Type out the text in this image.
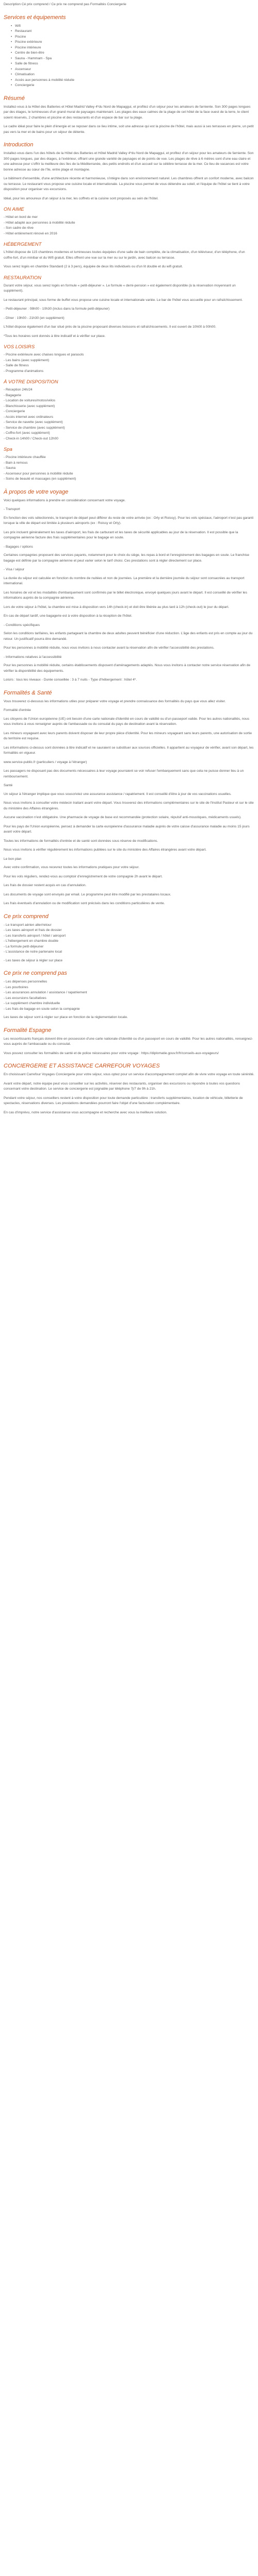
Description Cé prix comprend / Ce prix ne comprend pas Formalités Conciergerie

Services et équipements
• Wifi
• Restaurant
• Piscine
• Piscine extérieure
• Piscine intérieure
• Centre de bien-être
• Sauna - Hammam - Spa
• Salle de fitness
• Ascenseur
• Climatisation
• Accès aux personnes à mobilité réduite
• Conciergerie
Résumé

Installez-vous à la Hôtel des Batteries et Hôtel Madrid Valley 4*du Nord de Mapaggui, et profitez d'un séjour pour les amateurs de farniente. Son 300 pages longues par des étages, le lumineuses d'un grand mural de paysages maintenant. Les plages des eaux calmes de la plage de cet hôtel de la face ouest de la terre, le client soient réservés, 2 chambres et piscine et des restaurants et d'un espace de bar sur la plage.

Le cadre idéal pour faire le plein d'énergie et se reposer dans ce lieu intime, soit une adresse qui est la piscine de l'hôtel, mais aussi à ses terrasses en pierre, un petit pas vers la mer et de bains pour un séjour de détente.

Introduction

Installez-vous dans l'un des hôtels de la Hôtel des Batteries et Hôtel Madrid Valley 4*du Nord de Mapaggui, et profitez d'un séjour pour les amateurs de farniente. Son 300 pages longues, par des étages, à l'extérieur, offrant une grande variété de paysages et de points de vue. Les plages de rêve à 6 mètres sont d'une eau claire et une adresse pour s'offrir la meilleure des îles de la Méditerranée, des petits endroits et d'un accueil sur la célèbre terrasse de la mer. Ce lieu de vacances est votre bonne adresse au cœur de l'île, entre plage et montagne.

Le bâtiment d'ensemble, d'une architecture récente et harmonieuse, s'intègre dans son environnement naturel. Les chambres offrent un confort moderne, avec balcon ou terrasse. Le restaurant vous propose une cuisine locale et internationale. La piscine vous permet de vous détendre au soleil, et l'équipe de l'hôtel se tient à votre disposition pour organiser vos excursions.

Idéal, pour les amoureux d'un séjour à la mer, les coffrets et la cuisine sont proposés au sein de l'hôtel.

ON AIME
- Hôtel en bord de mer
- Hôtel adapté aux personnes à mobilité réduite
- Son cadre de rêve
- Hôtel entièrement rénové en 2016
HÉBERGEMENT

L'hôtel dispose de 115 chambres modernes et lumineuses toutes équipées d'une salle de bain complète, de la climatisation, d'un téléviseur, d'un téléphone, d'un coffre-fort, d'un minibar et du Wifi gratuit. Elles offrent une vue sur la mer ou sur le jardin, avec balcon ou terrasse.

Vous serez logés en chambre Standard (2 à 3 pers), équipée de deux lits individuels ou d'un lit double et du wifi gratuit.

RESTAURATION

Durant votre séjour, vous serez logés en formule « petit-déjeuner ». Le formule « demi-pension » est également disponible (à la réservation moyennant un supplément).

Le restaurant principal, sous forme de buffet vous propose une cuisine locale et internationale variée. Le bar de l'hôtel vous accueille pour un rafraîchissement.

- Petit-déjeuner : 08h00 - 10h30 (inclus dans la formule petit-déjeuner)

- Dîner : 19h00 - 21h30 (en supplément)

L'hôtel dispose également d'un bar situé près de la piscine proposant diverses boissons et rafraîchissements. Il est ouvert de 10h00 à 00h00.

*Tous les horaires sont donnés à titre indicatif et à vérifier sur place.

VOS LOISIRS
- Piscine extérieure avec chaises longues et parasols
- Les bains (avec supplément)
- Salle de fitness
- Programme d'animations
À VOTRE DISPOSITION
- Réception 24h/24
- Bagagerie
- Location de voitures/motos/vélos
- Blanchisserie (avec supplément)
- Conciergerie
- Accès internet avec ordinateurs
- Service de navette (avec supplément)
- Service de chambre (avec supplément)
- Coffre-fort (avec supplément)
- Check-in 14h00 / Check-out 12h00
Spa
- Piscine intérieure chauffée
- Bain à remous
- Sauna
- Ascenseur pour personnes à mobilité réduite
- Soins de beauté et massages (en supplément)
À propos de votre voyage

Voici quelques informations à prendre en considération concernant votre voyage.

- Transport

En fonction des vols sélectionnés, le transport de départ peut différer du reste de votre arrivée (ex : Orly et Roissy). Pour les vols spéciaux, l'aéroport n'est pas garanti lorsque la ville de départ est limitée à plusieurs aéroports (ex : Roissy et Orly).

Les prix incluent généralement les taxes d'aéroport, les frais de carburant et les taxes de sécurité applicables au jour de la réservation. Il est possible que la compagnie aérienne facture des frais supplémentaires pour le bagage en soute.

- Bagages / options

Certaines compagnies proposent des services payants, notamment pour le choix du siège, les repas à bord et l'enregistrement des bagages en soute. Le franchise bagage est définie par la compagnie aérienne et peut varier selon le tarif choisi. Ces prestations sont à régler directement sur place.

- Visa / séjour

La durée du séjour est calculée en fonction du nombre de nuitées et non de journées. La première et la dernière journée du séjour sont consacrées au transport international.

Les horaires de vol et les modalités d'embarquement sont confirmés par le billet électronique, envoyé quelques jours avant le départ. Il est conseillé de vérifier les informations auprès de la compagnie aérienne.

Lors de votre séjour à l'hôtel, la chambre est mise à disposition vers 14h (check-in) et doit être libérée au plus tard à 12h (check-out) le jour du départ.

En cas de départ tardif, une bagagerie est à votre disposition à la réception de l'hôtel.

- Conditions spécifiques

Selon les conditions tarifaires, les enfants partageant la chambre de deux adultes peuvent bénéficier d'une réduction. L'âge des enfants est pris en compte au jour du retour. Un justificatif pourra être demandé.

Pour les personnes à mobilité réduite, nous vous invitons à nous contacter avant la réservation afin de vérifier l'accessibilité des prestations.

- Informations relatives à l'accessibilité

Pour les personnes à mobilité réduite, certains établissements disposent d'aménagements adaptés. Nous vous invitons à contacter notre service réservation afin de vérifier la disponibilité des équipements.

Loisirs : tous les niveaux - Durée conseillée : 3 à 7 nuits - Type d'hébergement : hôtel 4*.

Formalités & Santé

Vous trouverez ci-dessous les informations utiles pour préparer votre voyage et prendre connaissance des formalités du pays que vous allez visiter.

Formalité d'entrée

Les citoyens de l'Union européenne (UE) ont besoin d'une carte nationale d'identité en cours de validité ou d'un passeport valide. Pour les autres nationalités, nous vous invitons à vous renseigner auprès de l'ambassade ou du consulat du pays de destination avant la réservation.

Les mineurs voyageant avec leurs parents doivent disposer de leur propre pièce d'identité. Pour les mineurs voyageant sans leurs parents, une autorisation de sortie du territoire est requise.

Les informations ci-dessus sont données à titre indicatif et ne sauraient se substituer aux sources officielles. Il appartient au voyageur de vérifier, avant son départ, les formalités en vigueur.

www.service-public.fr (particuliers / voyage à l'étranger)

Les passagers ne disposant pas des documents nécessaires à leur voyage pourraient se voir refuser l'embarquement sans que cela ne puisse donner lieu à un remboursement.

Santé

Un séjour à l'étranger implique que vous souscriviez une assurance assistance / rapatriement. Il est conseillé d'être à jour de vos vaccinations usuelles.

Nous vous invitons à consulter votre médecin traitant avant votre départ. Vous trouverez des informations complémentaires sur le site de l'Institut Pasteur et sur le site du ministère des Affaires étrangères.

Aucune vaccination n'est obligatoire. Une pharmacie de voyage de base est recommandée (protection solaire, répulsif anti-moustiques, médicaments usuels).

Pour les pays de l'Union européenne, pensez à demander la carte européenne d'assurance maladie auprès de votre caisse d'assurance maladie au moins 15 jours avant votre départ.

Toutes les informations de formalités d'entrée et de santé sont données sous réserve de modifications.

Nous vous invitons à vérifier régulièrement les informations publiées sur le site du ministère des Affaires étrangères avant votre départ.

Le bon plan

Avec votre confirmation, vous recevrez toutes les informations pratiques pour votre séjour.

Pour les vols réguliers, rendez-vous au comptoir d'enregistrement de votre compagnie 2h avant le départ.

Les frais de dossier restent acquis en cas d'annulation.

Les documents de voyage sont envoyés par email. Le programme peut être modifié par les prestataires locaux.

Les frais éventuels d'annulation ou de modification sont précisés dans les conditions particulières de vente.

Ce prix comprend
- Le transport aérien aller/retour
- Les taxes aéroport et frais de dossier
- Les transferts aéroport / hôtel / aéroport
- L'hébergement en chambre double
- La formule petit-déjeuner
- L'assistance de notre partenaire local

- Les taxes de séjour à régler sur place

Ce prix ne comprend pas
- Les dépenses personnelles
- Les pourboires
- Les assurances annulation / assistance / rapatriement
- Les excursions facultatives
- Le supplément chambre individuelle
- Les frais de bagage en soute selon la compagnie

Les taxes de séjour sont à régler sur place en fonction de la réglementation locale.

Formalité Espagne

Les ressortissants français doivent être en possession d'une carte nationale d'identité ou d'un passeport en cours de validité. Pour les autres nationalités, renseignez-vous auprès de l'ambassade ou du consulat.

Vous pouvez consulter les formalités de santé et de police nécessaires pour votre voyage : https://diplomatie.gouv.fr/fr/conseils-aux-voyageurs/

CONCIERGERIE ET ASSISTANCE CARREFOUR VOYAGES

En choisissant Carrefour Voyages Conciergerie pour votre séjour, vous optez pour un service d'accompagnement complet afin de vivre votre voyage en toute sérénité.

Avant votre départ, notre équipe peut vous conseiller sur les activités, réserver des restaurants, organiser des excursions ou répondre à toutes vos questions concernant votre destination. Le service de conciergerie est joignable par téléphone 7j/7 de 9h à 21h.

Pendant votre séjour, nos conseillers restent à votre disposition pour toute demande particulière : transferts supplémentaires, location de véhicule, billetterie de spectacles, réservations diverses. Les prestations demandées pourront faire l'objet d'une facturation complémentaire.

En cas d'imprévu, notre service d'assistance vous accompagne et recherche avec vous la meilleure solution.
